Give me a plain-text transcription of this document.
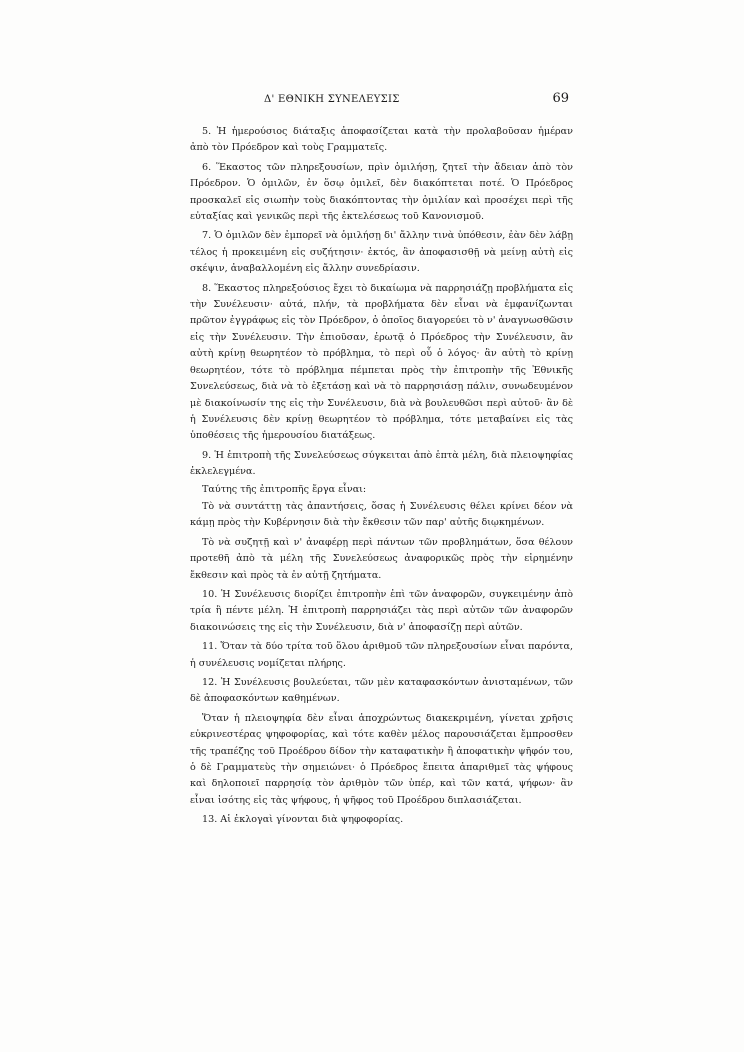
Δ' ΕΘΝΙΚΗ ΣΥΝΕΛΕΥΣΙΣ	69

5. Ἡ ἡμερούσιος διάταξις ἀποφασίζεται κατὰ τὴν προλαβοῦσαν ἡμέραν ἀπὸ τὸν Πρόεδρον καὶ τοὺς Γραμματεῖς.

6. Ἕκαστος τῶν πληρεξουσίων, πρὶν ὁμιλήσῃ, ζητεῖ τὴν ἄδειαν ἀπὸ τὸν Πρόεδρον. Ὁ ὁμιλῶν, ἐν ὅσῳ ὁμιλεῖ, δὲν διακόπτεται ποτέ. Ὁ Πρόεδρος προσκαλεῖ εἰς σιωπὴν τοὺς διακόπτοντας τὴν ὁμιλίαν καὶ προσέχει περὶ τῆς εὐταξίας καὶ γενικῶς περὶ τῆς ἐκτελέσεως τοῦ Κανονισμοῦ.

7. Ὁ ὁμιλῶν δὲν ἐμπορεῖ νὰ ὁμιλήσῃ δι' ἄλλην τινὰ ὑπόθεσιν, ἐὰν δὲν λάβῃ τέλος ἡ προκειμένη εἰς συζήτησιν· ἐκτός, ἂν ἀποφασισθῇ νὰ μείνῃ αὐτὴ εἰς σκέψιν, ἀναβαλλομένη εἰς ἄλλην συνεδρίασιν.

8. Ἕκαστος πληρεξούσιος ἔχει τὸ δικαίωμα νὰ παρρησιάζῃ προβλήματα εἰς τὴν Συνέλευσιν· αὐτά, πλήν, τὰ προβλήματα δὲν εἶναι νὰ ἐμφανίζωνται πρῶτον ἐγγράφως εἰς τὸν Πρόεδρον, ὁ ὁποῖος διαγορεύει τὸ ν' ἀναγνωσθῶσιν εἰς τὴν Συνέλευσιν. Τὴν ἐπιοῦσαν, ἐρωτᾷ ὁ Πρόεδρος τὴν Συνέλευσιν, ἂν αὐτὴ κρίνῃ θεωρητέον τὸ πρόβλημα, τὸ περὶ οὗ ὁ λόγος· ἂν αὐτὴ τὸ κρίνῃ θεωρητέον, τότε τὸ πρόβλημα πέμπεται πρὸς τὴν ἐπιτροπὴν τῆς Ἐθνικῆς Συνελεύσεως, διὰ νὰ τὸ ἐξετάσῃ καὶ νὰ τὸ παρρησιάσῃ πάλιν, συνωδευμένον μὲ διακοίνωσίν της εἰς τὴν Συνέλευσιν, διὰ νὰ βουλευθῶσι περὶ αὐτοῦ· ἂν δὲ ἡ Συνέλευσις δὲν κρίνῃ θεωρητέον τὸ πρόβλημα, τότε μεταβαίνει εἰς τὰς ὑποθέσεις τῆς ἡμερουσίου διατάξεως.

9. Ἡ ἐπιτροπὴ τῆς Συνελεύσεως σύγκειται ἀπὸ ἑπτὰ μέλη, διὰ πλειοψηφίας ἐκλελεγμένα.

Ταύτης τῆς ἐπιτροπῆς ἔργα εἶναι:

Τὸ νὰ συντάττῃ τὰς ἀπαντήσεις, ὅσας ἡ Συνέλευσις θέλει κρίνει δέον νὰ κάμῃ πρὸς τὴν Κυβέρνησιν διὰ τὴν ἔκθεσιν τῶν παρ' αὐτῆς διῳκημένων.

Τὸ νὰ συζητῇ καὶ ν' ἀναφέρῃ περὶ πάντων τῶν προβλημάτων, ὅσα θέλουν προτεθῆ ἀπὸ τὰ μέλη τῆς Συνελεύσεως ἀναφορικῶς πρὸς τὴν εἰρημένην ἔκθεσιν καὶ πρὸς τὰ ἐν αὐτῇ ζητήματα.

10. Ἡ Συνέλευσις διορίζει ἐπιτροπὴν ἐπὶ τῶν ἀναφορῶν, συγκειμένην ἀπὸ τρία ἢ πέντε μέλη. Ἡ ἐπιτροπὴ παρρησιάζει τὰς περὶ αὐτῶν τῶν ἀναφορῶν διακοινώσεις της εἰς τὴν Συνέλευσιν, διὰ ν' ἀποφασίζῃ περὶ αὐτῶν.

11. Ὅταν τὰ δύο τρίτα τοῦ ὅλου ἀριθμοῦ τῶν πληρεξουσίων εἶναι παρόντα, ἡ συνέλευσις νομίζεται πλήρης.

12. Ἡ Συνέλευσις βουλεύεται, τῶν μὲν καταφασκόντων ἀνισταμένων, τῶν δὲ ἀποφασκόντων καθημένων.

Ὅταν ἡ πλειοψηφία δὲν εἶναι ἀποχρώντως διακεκριμένη, γίνεται χρῆσις εὐκρινεστέρας ψηφοφορίας, καὶ τότε καθὲν μέλος παρουσιάζεται ἔμπροσθεν τῆς τραπέζης τοῦ Προέδρου δίδον τὴν καταφατικὴν ἢ ἀποφατικὴν ψῆφόν του, ὁ δὲ Γραμματεὺς τὴν σημειώνει· ὁ Πρόεδρος ἔπειτα ἀπαριθμεῖ τὰς ψήφους καὶ δηλοποιεῖ παρρησίᾳ τὸν ἀριθμὸν τῶν ὑπέρ, καὶ τῶν κατά, ψήφων· ἂν εἶναι ἰσότης εἰς τὰς ψήφους, ἡ ψῆφος τοῦ Προέδρου διπλασιάζεται.

13. Αἱ ἐκλογαὶ γίνονται διὰ ψηφοφορίας.
